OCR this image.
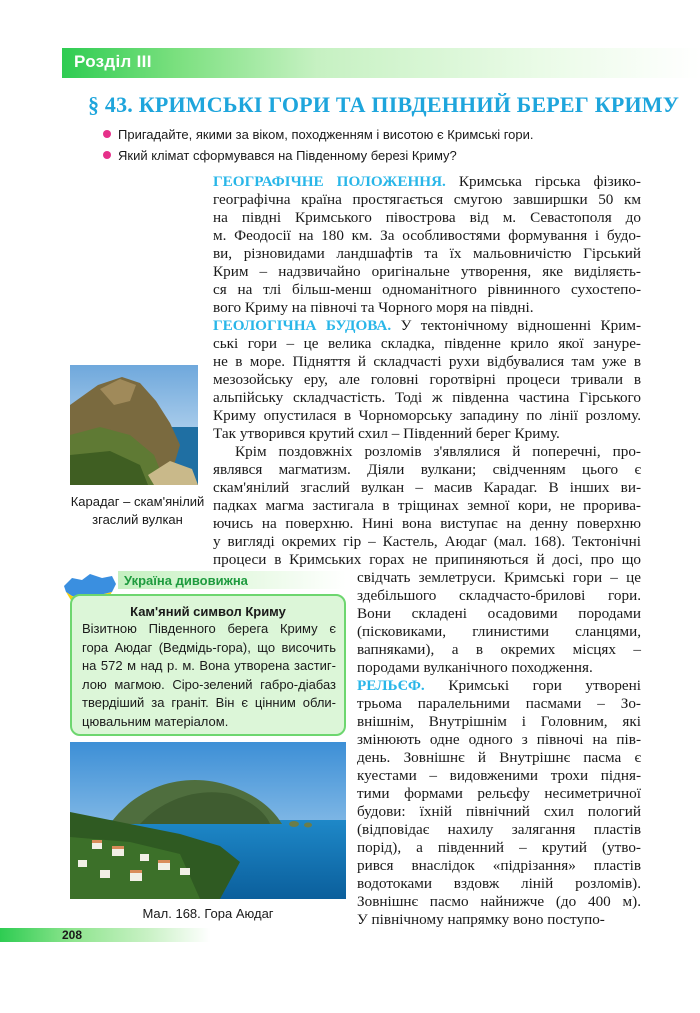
Розділ III
§ 43. КРИМСЬКІ ГОРИ ТА ПІВДЕННИЙ БЕРЕГ КРИМУ
Пригадайте, якими за віком, походженням і висотою є Кримські гори.
Який клімат сформувався на Південному березі Криму?
ГЕОГРАФІЧНЕ ПОЛОЖЕННЯ. Кримська гірська фізико-
географічна країна простягається смугою завширшки 50 км
на півдні Кримського півострова від м. Севастополя до
м. Феодосії на 180 км. За особливостями формування і будо-
ви, різновидами ландшафтів та їх мальовничістю Гірський
Крим – надзвичайно оригінальне утворення, яке виділяєть-
ся на тлі більш-менш одноманітного рівнинного сухостепо-
вого Криму на півночі та Чорного моря на півдні.
ГЕОЛОГІЧНА БУДОВА. У тектонічному відношенні Крим-
ські гори – це велика складка, південне крило якої зануре-
не в море. Підняття й складчасті рухи відбувалися там уже в
мезозойську еру, але головні горотвірні процеси тривали в
альпійську складчастість. Тоді ж південна частина Гірського
Криму опустилася в Чорноморську западину по лінії розлому.
Так утворився крутий схил – Південний берег Криму.
Крім поздовжніх розломів з'являлися й поперечні, про-
являвся магматизм. Діяли вулкани; свідченням цього є
скам'янілий згаслий вулкан – масив Карадаг. В інших ви-
падках магма застигала в тріщинах земної кори, не прорива-
ючись на поверхню. Нині вона виступає на денну поверхню
у вигляді окремих гір – Кастель, Аюдаг (мал. 168). Тектонічні
процеси в Кримських горах не припиняються й досі, про що
свідчать землетруси. Кримські гори – це
здебільшого складчасто-брилові гори.
Вони складені осадовими породами
(пісковиками, глинистими сланцями,
вапняками), а в окремих місцях –
породами вулканічного походження.
РЕЛЬЄФ. Кримські гори утворені
трьома паралельними пасмами – Зо-
внішнім, Внутрішнім і Головним, які
змінюють одне одного з півночі на пів-
день. Зовнішнє й Внутрішнє пасма є
куестами – видовженими трохи підня-
тими формами рельєфу несиметричної
будови: їхній північний схил пологий
(відповідає нахилу залягання пластів
порід), а південний – крутий (утво-
рився внаслідок «підрізання» пластів
водотоками вздовж ліній розломів).
Зовнішнє пасмо найнижче (до 400 м).
У північному напрямку воно поступо-
Карадаг – скам'янілий згаслий вулкан
Україна дивовижна
Кам'яний символ Криму
Візитною Південного берега Криму є
гора Аюдаг (Ведмідь-гора), що височить
на 572 м над р. м. Вона утворена застиг-
лою магмою. Сіро-зелений габро-діабаз
твердіший за граніт. Він є цінним обли-
цювальним матеріалом.
Мал. 168. Гора Аюдаг
208
